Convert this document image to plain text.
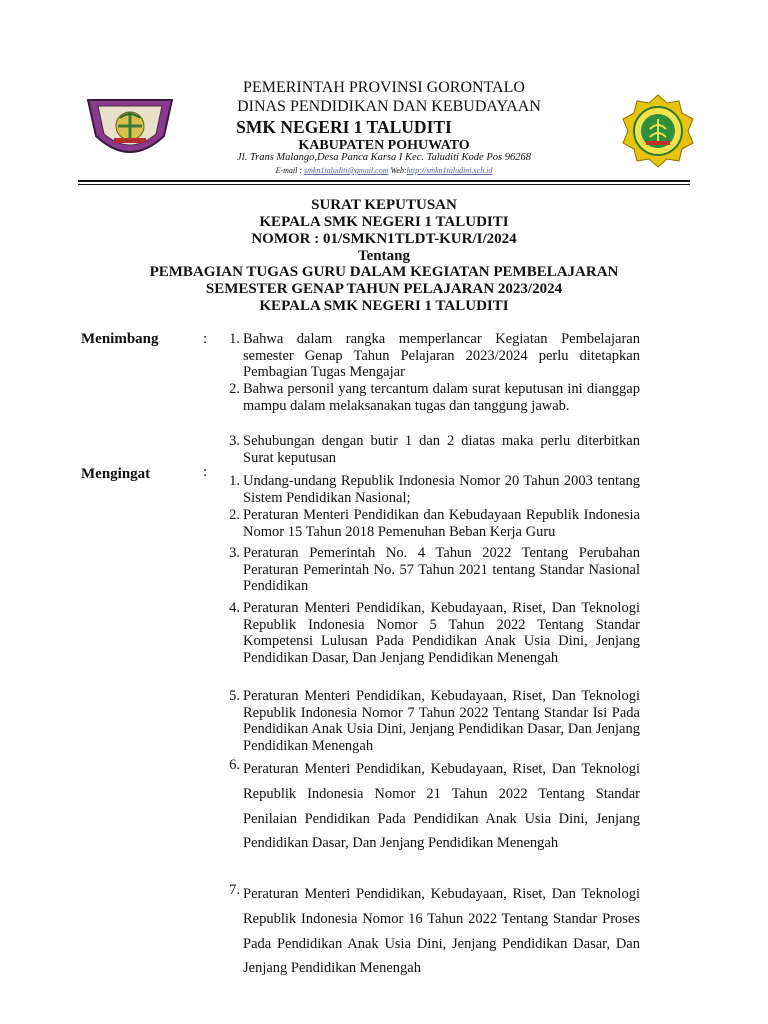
PEMERINTAH PROVINSI GORONTALO
DINAS PENDIDIKAN DAN KEBUDAYAAN
SMK NEGERI 1 TALUDITI
KABUPATEN POHUWATO
Jl. Trans Malango,Desa Panca Karsa I Kec. Taluditi Kode Pos 96268
E-mail : smkn1taluditi@gmail.com Web:http://smkn1taludini.sch.id
SURAT KEPUTUSAN
KEPALA SMK NEGERI 1 TALUDITI
NOMOR : 01/SMKN1TLDT-KUR/I/2024
Tentang
PEMBAGIAN TUGAS GURU DALAM KEGIATAN PEMBELAJARAN
SEMESTER GENAP TAHUN PELAJARAN 2023/2024
KEPALA SMK NEGERI 1 TALUDITI
Menimbang	:	1. Bahwa dalam rangka memperlancar Kegiatan Pembelajaran semester Genap Tahun Pelajaran 2023/2024 perlu ditetapkan Pembagian Tugas Mengajar
2. Bahwa personil yang tercantum dalam surat keputusan ini dianggap mampu dalam melaksanakan tugas dan tanggung jawab.
3. Sehubungan dengan butir 1 dan 2 diatas maka perlu diterbitkan Surat keputusan
Mengingat	:
1. Undang-undang Republik Indonesia Nomor 20 Tahun 2003 tentang Sistem Pendidikan Nasional;
2. Peraturan Menteri Pendidikan dan Kebudayaan Republik Indonesia Nomor 15 Tahun 2018 Pemenuhan Beban Kerja Guru
3. Peraturan Pemerintah No. 4 Tahun 2022 Tentang Perubahan Peraturan Pemerintah No. 57 Tahun 2021 tentang Standar Nasional Pendidikan
4. Peraturan Menteri Pendidikan, Kebudayaan, Riset, Dan Teknologi Republik Indonesia Nomor 5 Tahun 2022 Tentang Standar Kompetensi Lulusan Pada Pendidikan Anak Usia Dini, Jenjang Pendidikan Dasar, Dan Jenjang Pendidikan Menengah
5. Peraturan Menteri Pendidikan, Kebudayaan, Riset, Dan Teknologi Republik Indonesia Nomor 7 Tahun 2022 Tentang Standar Isi Pada Pendidikan Anak Usia Dini, Jenjang Pendidikan Dasar, Dan Jenjang Pendidikan Menengah
6. Peraturan Menteri Pendidikan, Kebudayaan, Riset, Dan Teknologi Republik Indonesia Nomor 21 Tahun 2022 Tentang Standar Penilaian Pendidikan Pada Pendidikan Anak Usia Dini, Jenjang Pendidikan Dasar, Dan Jenjang Pendidikan Menengah
7. Peraturan Menteri Pendidikan, Kebudayaan, Riset, Dan Teknologi Republik Indonesia Nomor 16 Tahun 2022 Tentang Standar Proses Pada Pendidikan Anak Usia Dini, Jenjang Pendidikan Dasar, Dan Jenjang Pendidikan Menengah
